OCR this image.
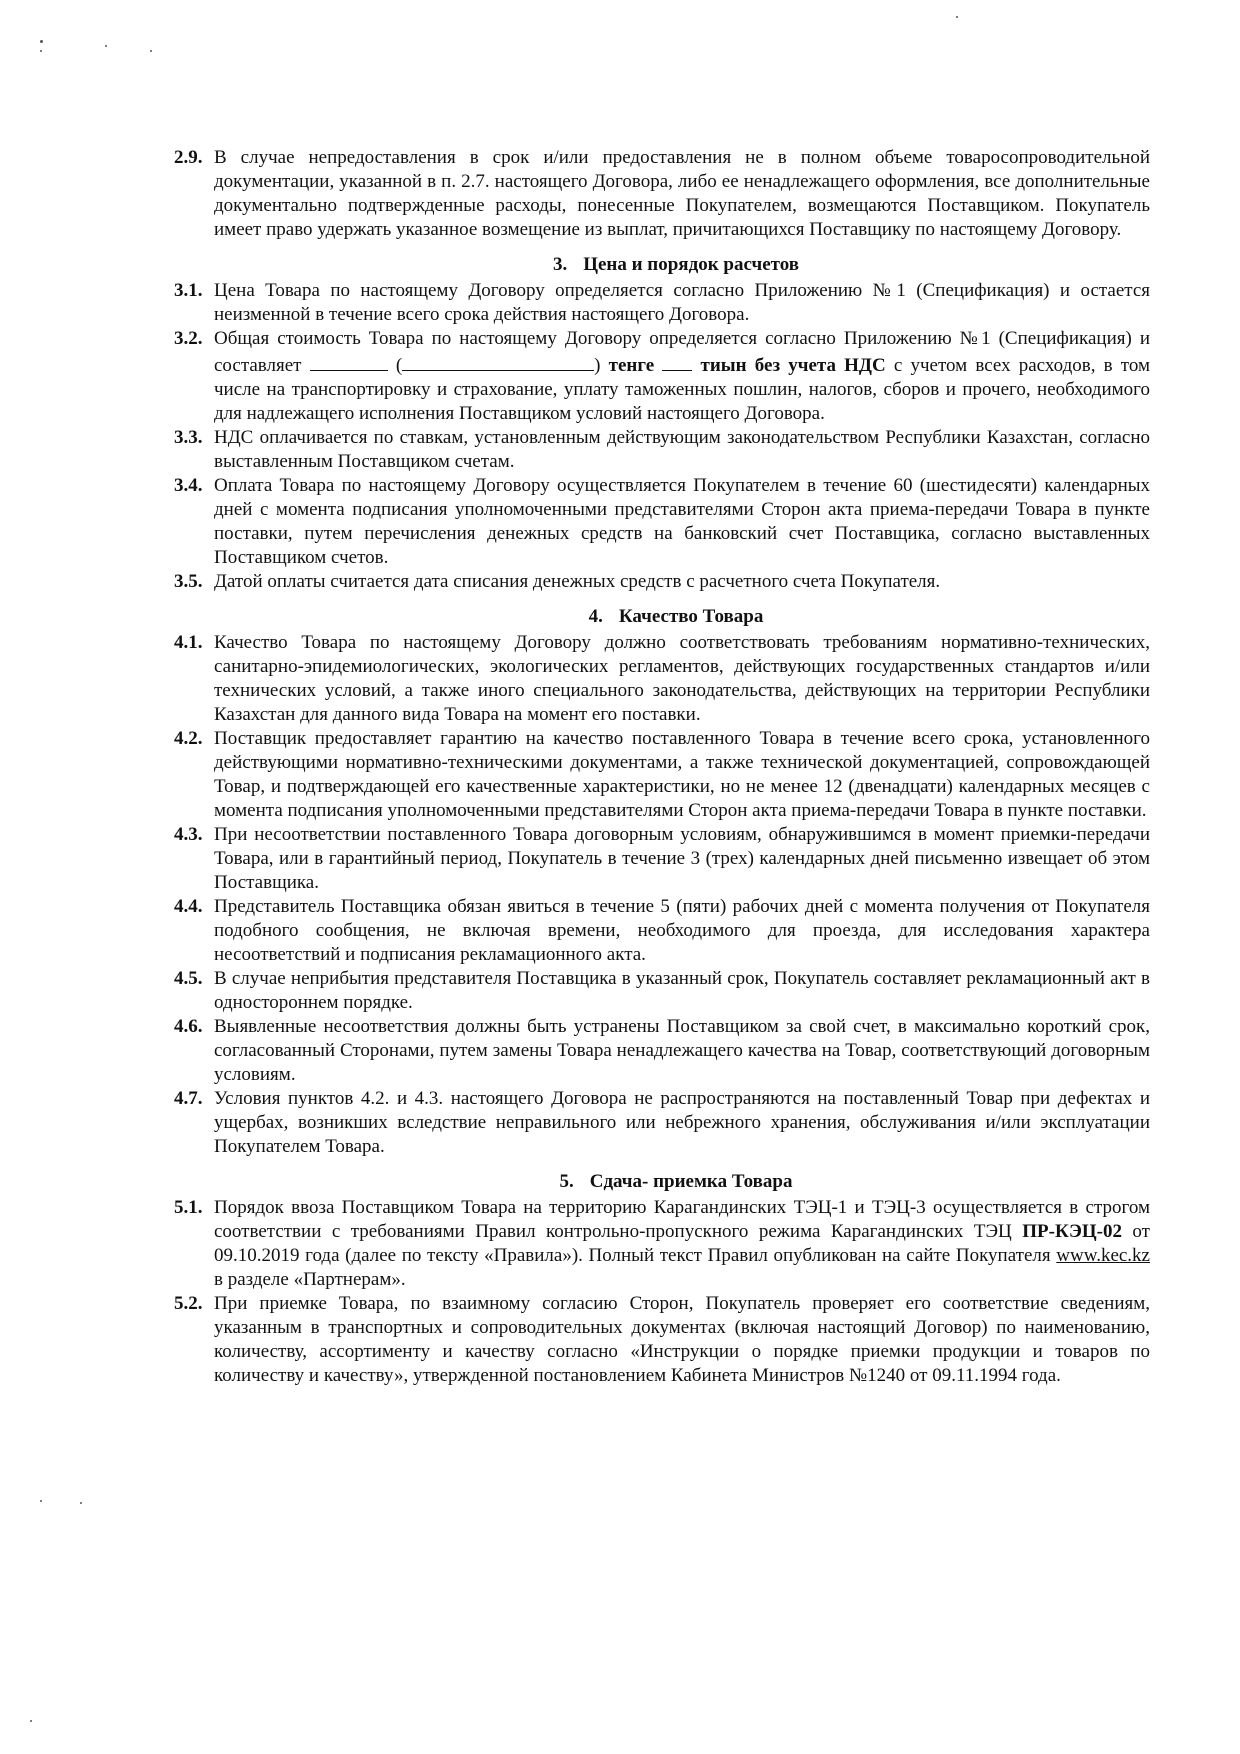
2.9. В случае непредоставления в срок и/или предоставления не в полном объеме товаросопроводительной документации, указанной в п. 2.7. настоящего Договора, либо ее ненадлежащего оформления, все дополнительные документально подтвержденные расходы, понесенные Покупателем, возмещаются Поставщиком. Покупатель имеет право удержать указанное возмещение из выплат, причитающихся Поставщику по настоящему Договору.
3. Цена и порядок расчетов
3.1. Цена Товара по настоящему Договору определяется согласно Приложению №1 (Спецификация) и остается неизменной в течение всего срока действия настоящего Договора.
3.2. Общая стоимость Товара по настоящему Договору определяется согласно Приложению №1 (Спецификация) и составляет	(	) тенге тиын без учета НДС с учетом всех расходов, в том числе на транспортировку и страхование, уплату таможенных пошлин, налогов, сборов и прочего, необходимого для надлежащего исполнения Поставщиком условий настоящего Договора.
3.3. НДС оплачивается по ставкам, установленным действующим законодательством Республики Казахстан, согласно выставленным Поставщиком счетам.
3.4. Оплата Товара по настоящему Договору осуществляется Покупателем в течение 60 (шестидесяти) календарных дней с момента подписания уполномоченными представителями Сторон акта приема-передачи Товара в пункте поставки, путем перечисления денежных средств на банковский счет Поставщика, согласно выставленных Поставщиком счетов.
3.5. Датой оплаты считается дата списания денежных средств с расчетного счета Покупателя.
4. Качество Товара
4.1. Качество Товара по настоящему Договору должно соответствовать требованиям нормативно-технических, санитарно-эпидемиологических, экологических регламентов, действующих государственных стандартов и/или технических условий, а также иного специального законодательства, действующих на территории Республики Казахстан для данного вида Товара на момент его поставки.
4.2. Поставщик предоставляет гарантию на качество поставленного Товара в течение всего срока, установленного действующими нормативно-техническими документами, а также технической документацией, сопровождающей Товар, и подтверждающей его качественные характеристики, но не менее 12 (двенадцати) календарных месяцев с момента подписания уполномоченными представителями Сторон акта приема-передачи Товара в пункте поставки.
4.3. При несоответствии поставленного Товара договорным условиям, обнаружившимся в момент приемки-передачи Товара, или в гарантийный период, Покупатель в течение 3 (трех) календарных дней письменно извещает об этом Поставщика.
4.4. Представитель Поставщика обязан явиться в течение 5 (пяти) рабочих дней с момента получения от Покупателя подобного сообщения, не включая времени, необходимого для проезда, для исследования характера несоответствий и подписания рекламационного акта.
4.5. В случае неприбытия представителя Поставщика в указанный срок, Покупатель составляет рекламационный акт в одностороннем порядке.
4.6. Выявленные несоответствия должны быть устранены Поставщиком за свой счет, в максимально короткий срок, согласованный Сторонами, путем замены Товара ненадлежащего качества на Товар, соответствующий договорным условиям.
4.7. Условия пунктов 4.2. и 4.3. настоящего Договора не распространяются на поставленный Товар при дефектах и ущербах, возникших вследствие неправильного или небрежного хранения, обслуживания и/или эксплуатации Покупателем Товара.
5. Сдача- приемка Товара
5.1. Порядок ввоза Поставщиком Товара на территорию Карагандинских ТЭЦ-1 и ТЭЦ-3 осуществляется в строгом соответствии с требованиями Правил контрольно-пропускного режима Карагандинских ТЭЦ ПР-КЭЦ-02 от 09.10.2019 года (далее по тексту «Правила»). Полный текст Правил опубликован на сайте Покупателя www.kec.kz в разделе «Партнерам».
5.2. При приемке Товара, по взаимному согласию Сторон, Покупатель проверяет его соответствие сведениям, указанным в транспортных и сопроводительных документах (включая настоящий Договор) по наименованию, количеству, ассортименту и качеству согласно «Инструкции о порядке приемки продукции и товаров по количеству и качеству», утвержденной постановлением Кабинета Министров №1240 от 09.11.1994 года.
